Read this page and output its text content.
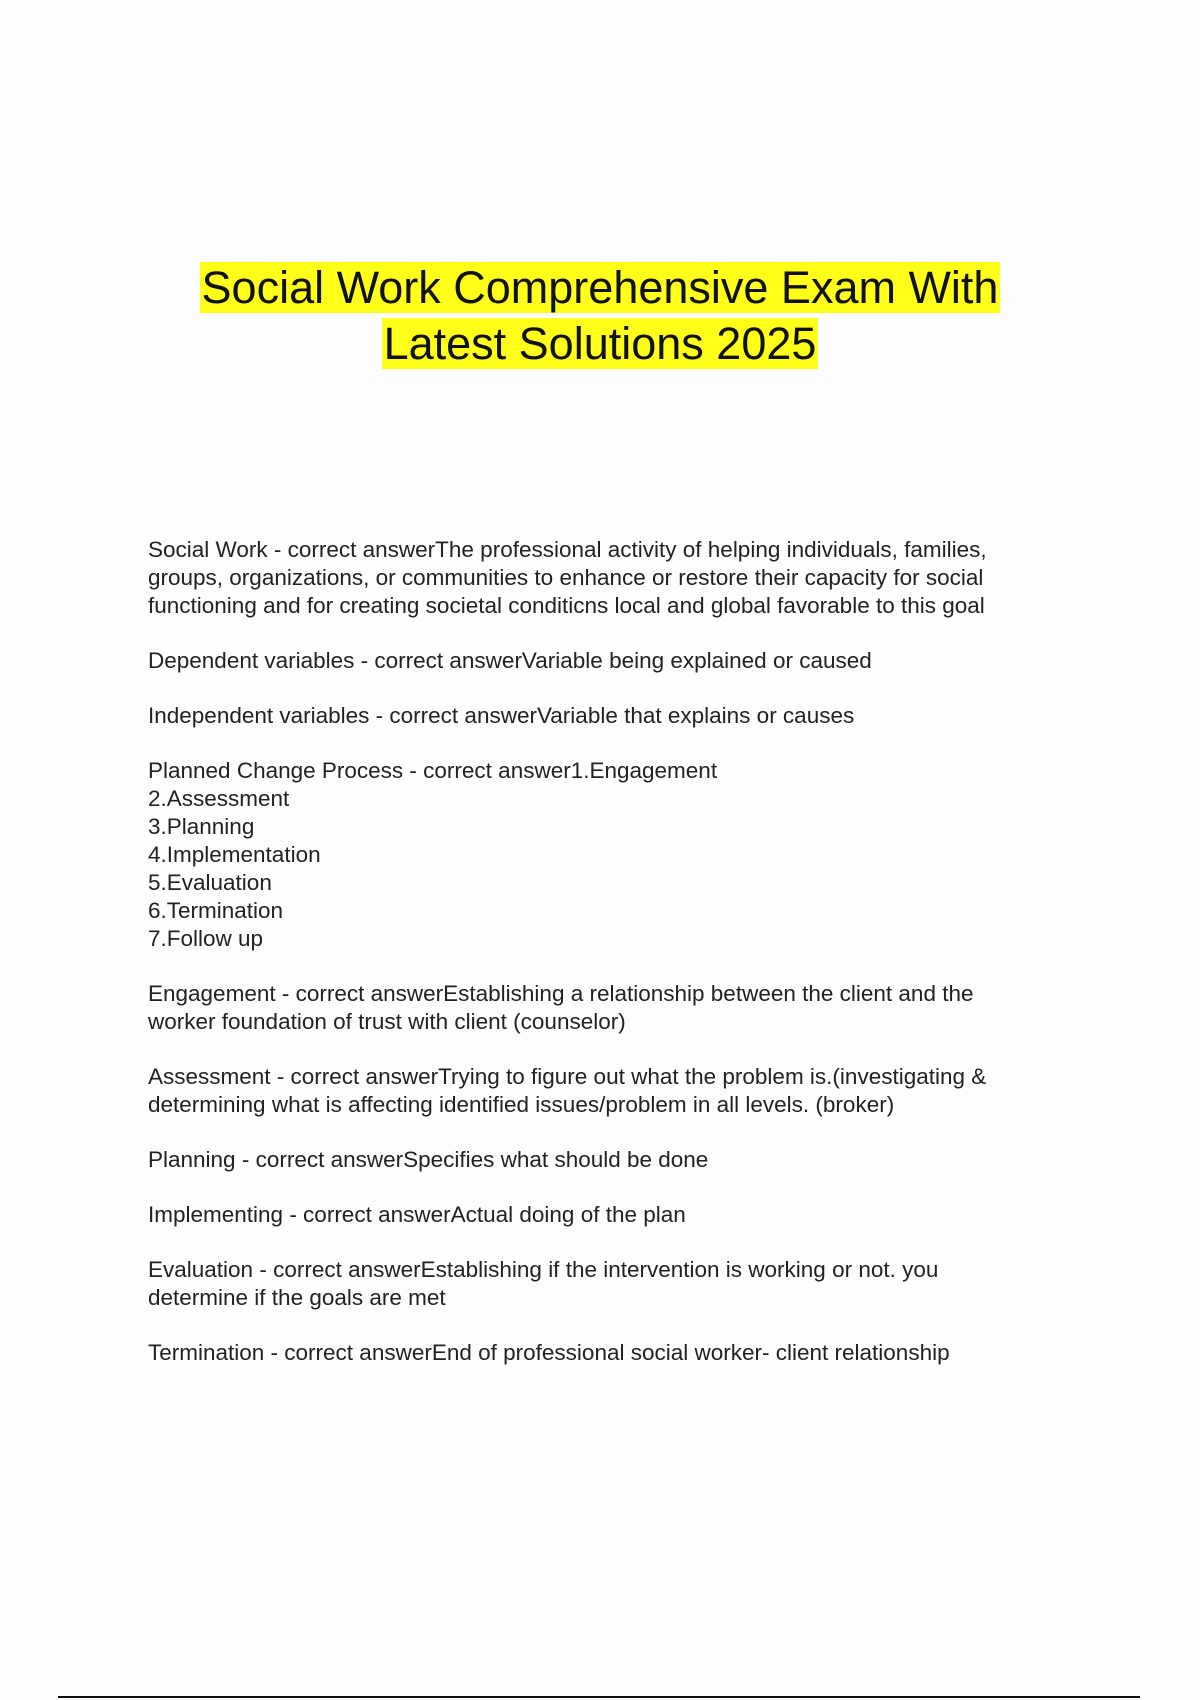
Social Work Comprehensive Exam With
Latest Solutions 2025
Social Work - correct answerThe professional activity of helping individuals, families,
groups, organizations, or communities to enhance or restore their capacity for social
functioning and for creating societal conditicns local and global favorable to this goal
Dependent variables - correct answerVariable being explained or caused
Independent variables - correct answerVariable that explains or causes
Planned Change Process - correct answer1.Engagement
2.Assessment
3.Planning
4.Implementation
5.Evaluation
6.Termination
7.Follow up
Engagement - correct answerEstablishing a relationship between the client and the
worker foundation of trust with client (counselor)
Assessment - correct answerTrying to figure out what the problem is.(investigating &
determining what is affecting identified issues/problem in all levels. (broker)
Planning - correct answerSpecifies what should be done
Implementing - correct answerActual doing of the plan
Evaluation - correct answerEstablishing if the intervention is working or not. you
determine if the goals are met
Termination - correct answerEnd of professional social worker- client relationship
